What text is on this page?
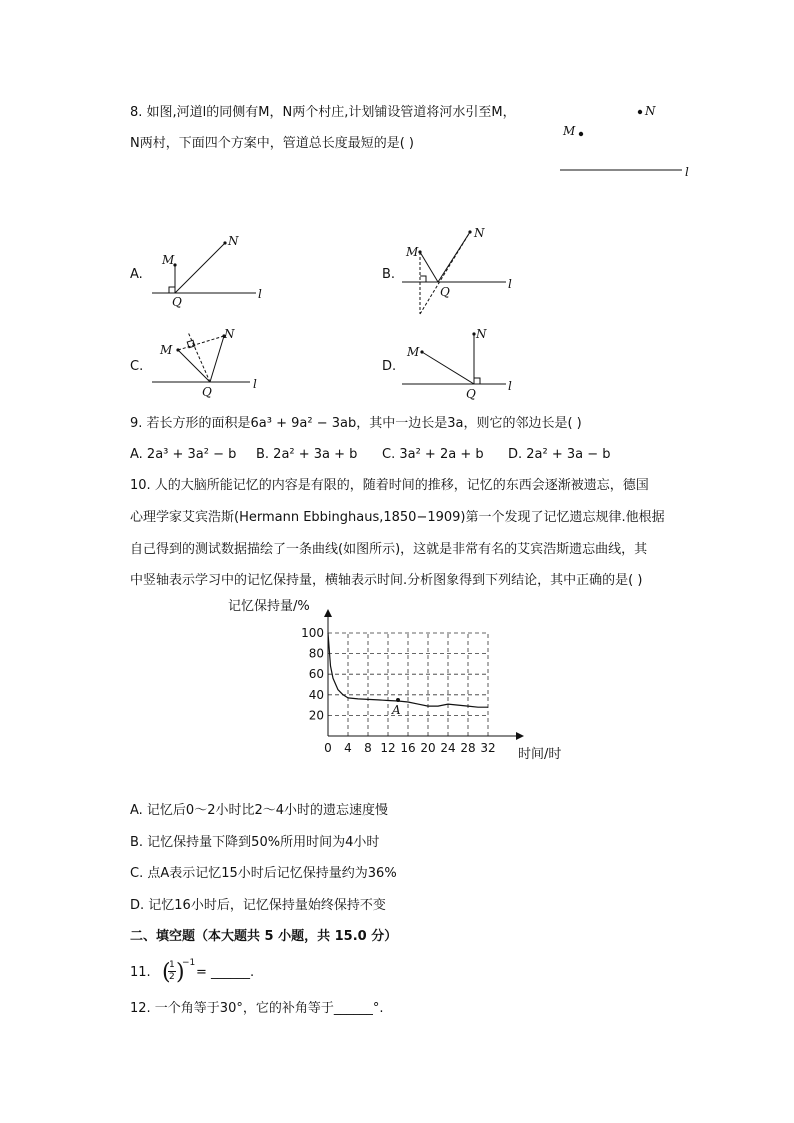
8. 如图,河道l的同侧有M，N两个村庄,计划铺设管道将河水引至M，
N两村，下面四个方案中，管道总长度最短的是( )
N
M
l
A.
l
M
N
Q
B.
l
M
N
Q
C.
l
M
N
Q
D.
l
M
N
Q
9. 若长方形的面积是6a³ + 9a² − 3ab，其中一边长是3a，则它的邻边长是( )
A. 2a³ + 3a² − b B. 2a² + 3a + b C. 3a² + 2a + b D. 2a² + 3a − b
10. 人的大脑所能记忆的内容是有限的，随着时间的推移，记忆的东西会逐渐被遗忘，德国
心理学家艾宾浩斯(Hermann Ebbinghaus,1850−1909)第一个发现了记忆遗忘规律.他根据
自己得到的测试数据描绘了一条曲线(如图所示)，这就是非常有名的艾宾浩斯遗忘曲线，其
中竖轴表示学习中的记忆保持量，横轴表示时间.分析图象得到下列结论，其中正确的是( )
记忆保持量/%
时间/时
0 4 8 12 16 20 24 28 32
20
40
60
80
100
A
A. 记忆后0～2小时比2～4小时的遗忘速度慢
B. 记忆保持量下降到50%所用时间为4小时
C. 点A表示记忆15小时后记忆保持量约为36%
D. 记忆16小时后，记忆保持量始终保持不变
二、填空题（本大题共 5 小题，共 15.0 分）
11. (
1
2 )
−1
= ______.
12. 一个角等于30°，它的补角等于______°.
